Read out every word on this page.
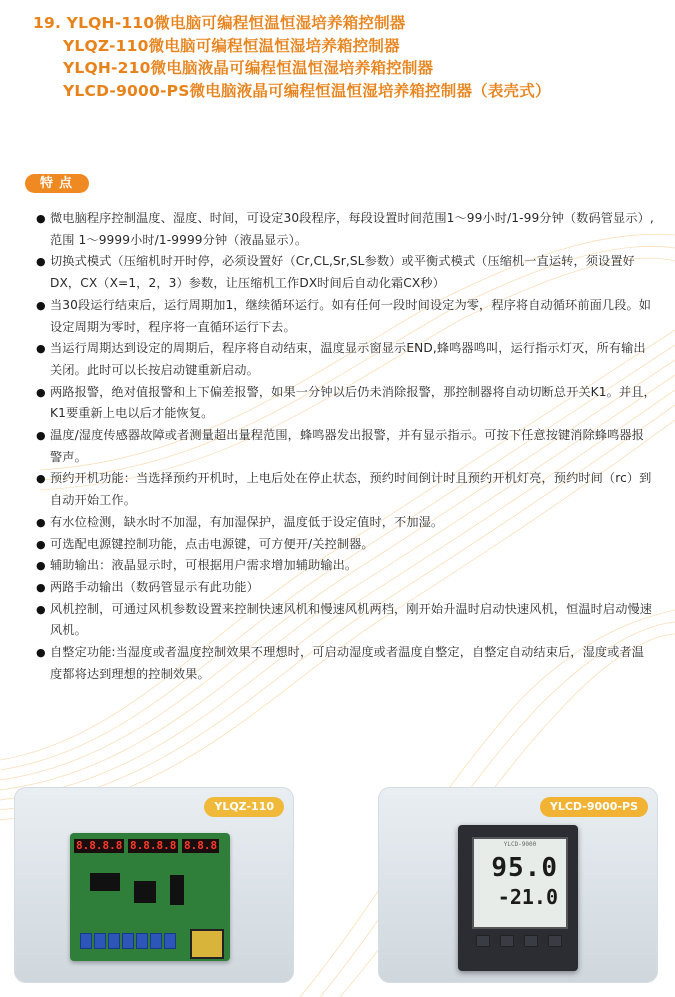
19. YLQH-110微电脑可编程恒温恒湿培养箱控制器
YLQZ-110微电脑可编程恒温恒湿培养箱控制器
YLQH-210微电脑液晶可编程恒温恒湿培养箱控制器
YLCD-9000-PS微电脑液晶可编程恒温恒湿培养箱控制器（表壳式）
特点
● 微电脑程序控制温度、湿度、时间，可设定30段程序，每段设置时间范围1～99小时/1-99分钟（数码管显示）,范围 1～9999小时/1-9999分钟（液晶显示）。
● 切换式模式（压缩机时开时停，必须设置好（Cr,CL,Sr,SL参数）或平衡式模式（压缩机一直运转，须设置好DX，CX（X=1，2，3）参数，让压缩机工作DX时间后自动化霜CX秒）
● 当30段运行结束后，运行周期加1，继续循环运行。如有任何一段时间设定为零，程序将自动循环前面几段。如设定周期为零时，程序将一直循环运行下去。
● 当运行周期达到设定的周期后，程序将自动结束，温度显示窗显示END,蜂鸣器鸣叫，运行指示灯灭，所有输出关闭。此时可以长按启动键重新启动。
● 两路报警，绝对值报警和上下偏差报警，如果一分钟以后仍未消除报警，那控制器将自动切断总开关K1。并且，K1要重新上电以后才能恢复。
● 温度/湿度传感器故障或者测量超出量程范围，蜂鸣器发出报警，并有显示指示。可按下任意按键消除蜂鸣器报警声。
● 预约开机功能：当选择预约开机时，上电后处在停止状态，预约时间倒计时且预约开机灯亮，预约时间（rc）到自动开始工作。
● 有水位检测，缺水时不加湿，有加湿保护，温度低于设定值时，不加湿。
● 可选配电源键控制功能，点击电源键，可方便开/关控制器。
● 辅助输出：液晶显示时，可根据用户需求增加辅助输出。
● 两路手动输出（数码管显示有此功能）
● 风机控制，可通过风机参数设置来控制快速风机和慢速风机两档，刚开始升温时启动快速风机，恒温时启动慢速风机。
● 自整定功能:当湿度或者温度控制效果不理想时，可启动湿度或者温度自整定，自整定自动结束后，湿度或者温度都将达到理想的控制效果。
YLQZ-110
8.8.8.8 8.8.8.8 8.8.8
YLCD-9000-PS
YLCD-9000
95.0
-21.0
